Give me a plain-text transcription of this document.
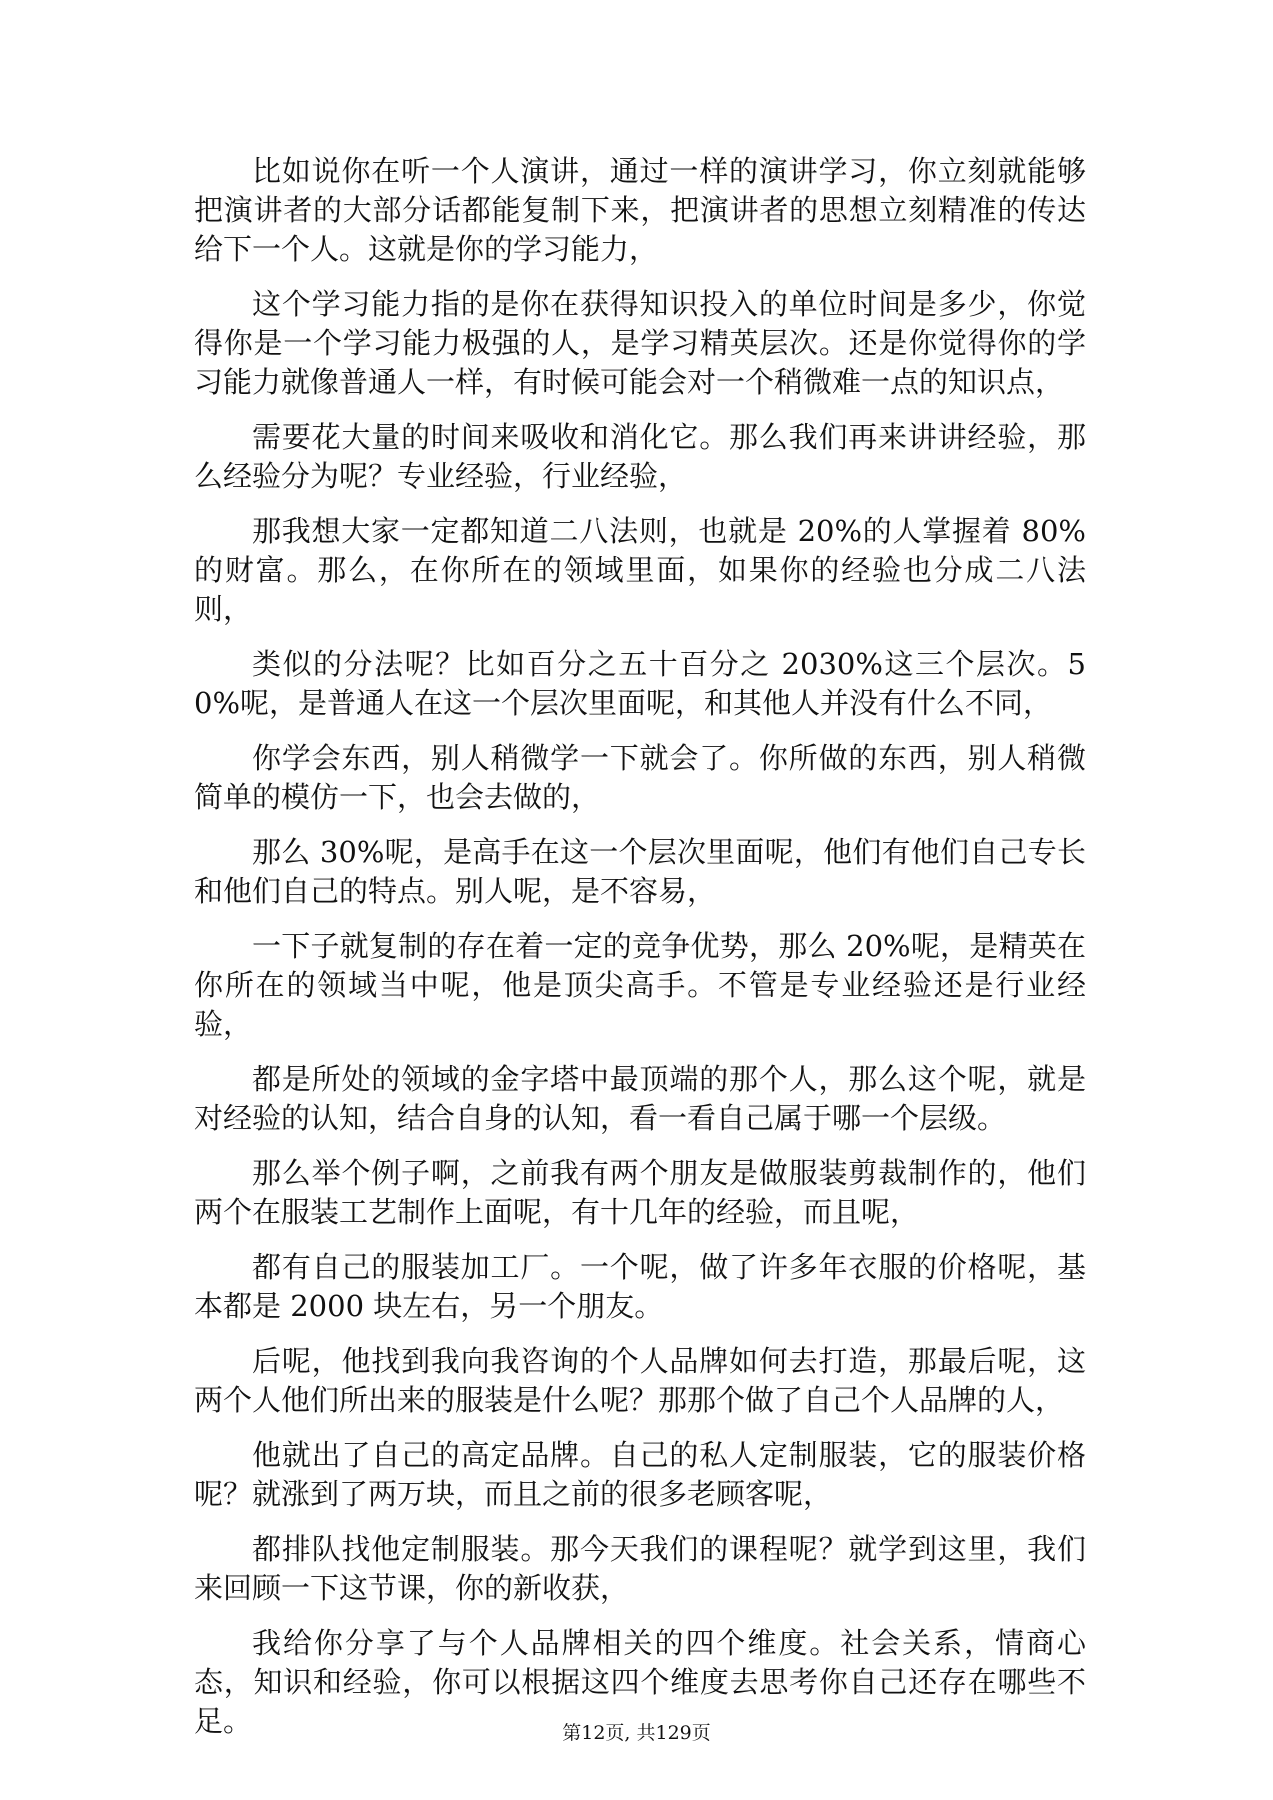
比如说你在听一个人演讲，通过一样的演讲学习，你立刻就能够把演讲者的大部分话都能复制下来，把演讲者的思想立刻精准的传达给下一个人。这就是你的学习能力，

这个学习能力指的是你在获得知识投入的单位时间是多少，你觉得你是一个学习能力极强的人，是学习精英层次。还是你觉得你的学习能力就像普通人一样，有时候可能会对一个稍微难一点的知识点，

需要花大量的时间来吸收和消化它。那么我们再来讲讲经验，那么经验分为呢？专业经验，行业经验，

那我想大家一定都知道二八法则，也就是 20%的人掌握着 80%的财富。那么，在你所在的领域里面，如果你的经验也分成二八法则，

类似的分法呢？比如百分之五十百分之 2030%这三个层次。50%呢，是普通人在这一个层次里面呢，和其他人并没有什么不同，

你学会东西，别人稍微学一下就会了。你所做的东西，别人稍微简单的模仿一下，也会去做的，

那么 30%呢，是高手在这一个层次里面呢，他们有他们自己专长和他们自己的特点。别人呢，是不容易，

一下子就复制的存在着一定的竞争优势，那么 20%呢，是精英在你所在的领域当中呢，他是顶尖高手。不管是专业经验还是行业经验，

都是所处的领域的金字塔中最顶端的那个人，那么这个呢，就是对经验的认知，结合自身的认知，看一看自己属于哪一个层级。

那么举个例子啊，之前我有两个朋友是做服装剪裁制作的，他们两个在服装工艺制作上面呢，有十几年的经验，而且呢，

都有自己的服装加工厂。一个呢，做了许多年衣服的价格呢，基本都是 2000 块左右，另一个朋友。

后呢，他找到我向我咨询的个人品牌如何去打造，那最后呢，这两个人他们所出来的服装是什么呢？那那个做了自己个人品牌的人，

他就出了自己的高定品牌。自己的私人定制服装，它的服装价格呢？就涨到了两万块，而且之前的很多老顾客呢，

都排队找他定制服装。那今天我们的课程呢？就学到这里，我们来回顾一下这节课，你的新收获，

我给你分享了与个人品牌相关的四个维度。社会关系，情商心态，知识和经验，你可以根据这四个维度去思考你自己还存在哪些不足。	第12页, 共129页
